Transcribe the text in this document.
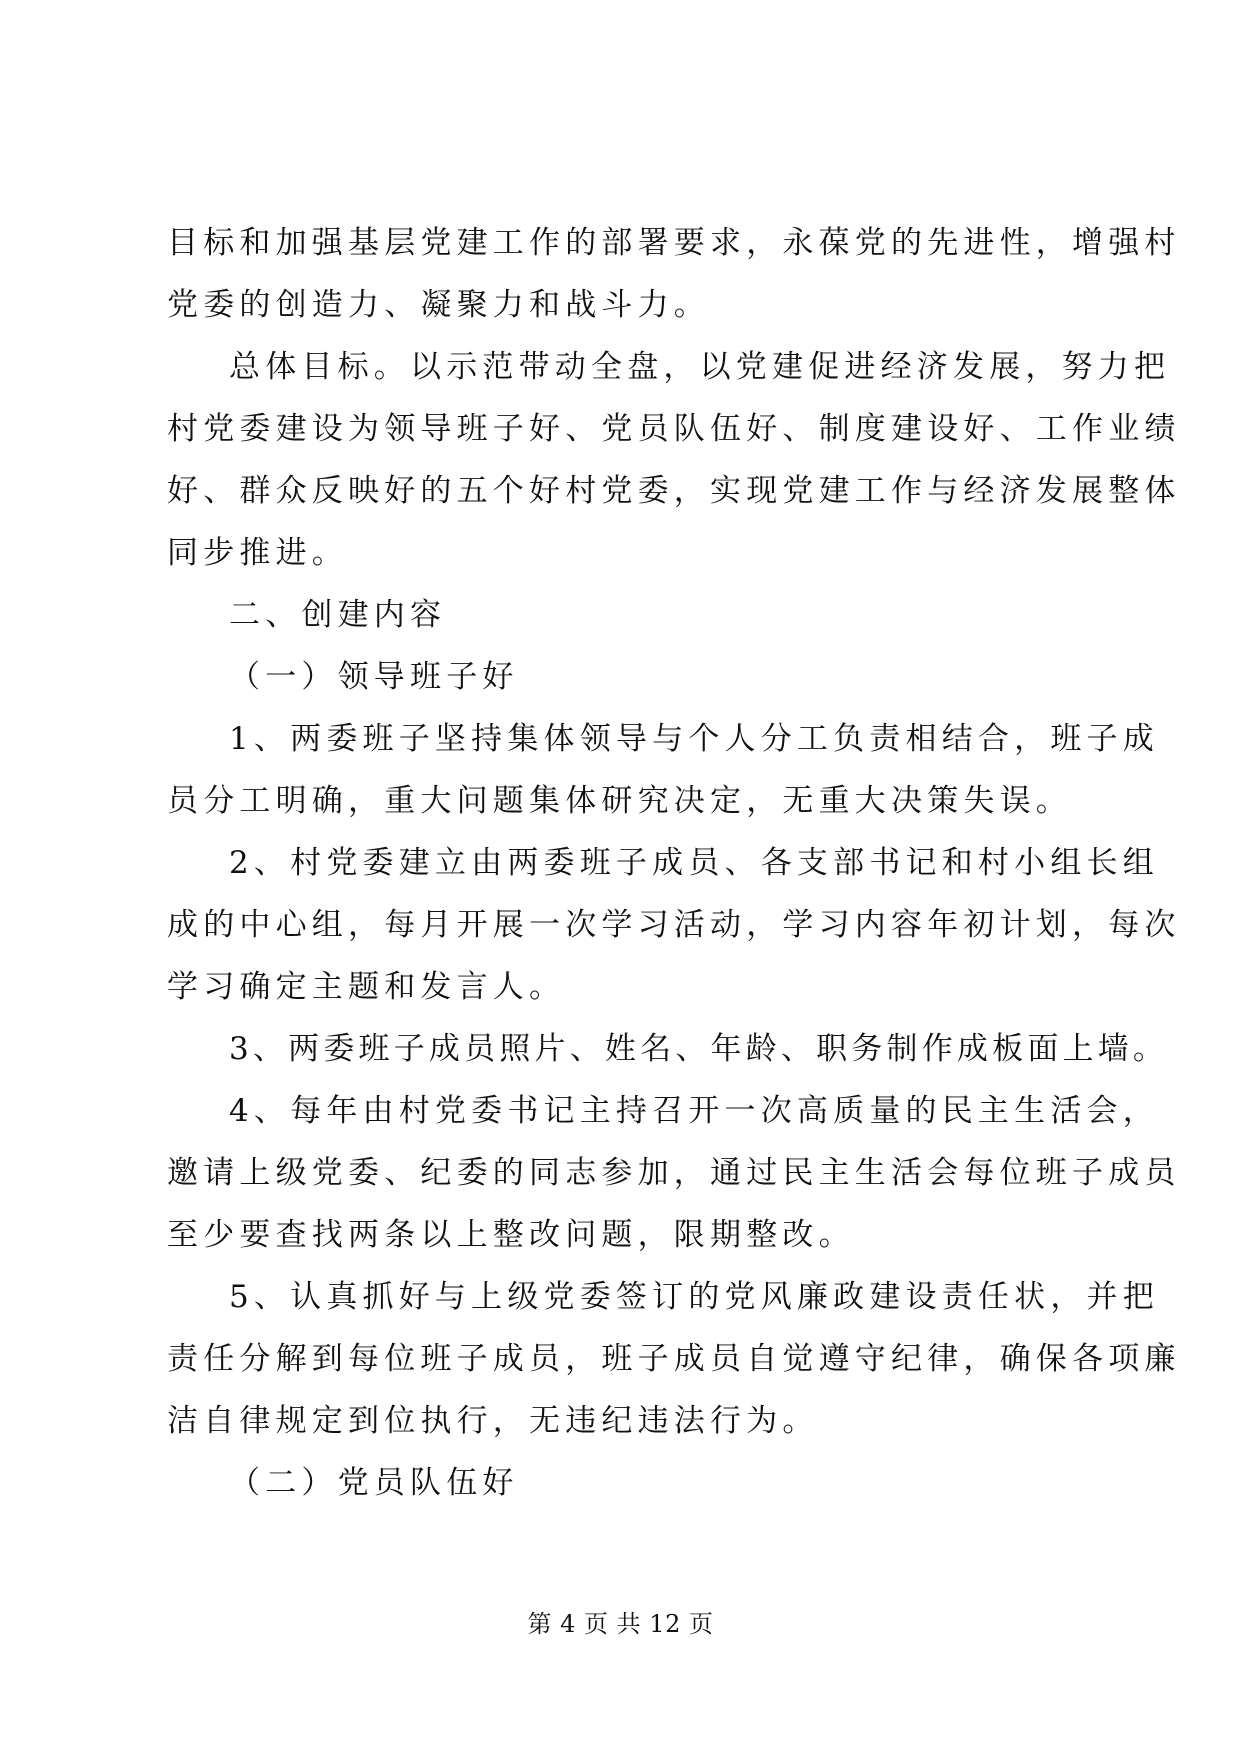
目标和加强基层党建工作的部署要求，永葆党的先进性，增强村
党委的创造力、凝聚力和战斗力。
总体目标。以示范带动全盘，以党建促进经济发展，努力把
村党委建设为领导班子好、党员队伍好、制度建设好、工作业绩
好、群众反映好的五个好村党委，实现党建工作与经济发展整体
同步推进。
二、创建内容
（一）领导班子好
1、两委班子坚持集体领导与个人分工负责相结合，班子成
员分工明确，重大问题集体研究决定，无重大决策失误。
2、村党委建立由两委班子成员、各支部书记和村小组长组
成的中心组，每月开展一次学习活动，学习内容年初计划，每次
学习确定主题和发言人。
3、两委班子成员照片、姓名、年龄、职务制作成板面上墙。
4、每年由村党委书记主持召开一次高质量的民主生活会，
邀请上级党委、纪委的同志参加，通过民主生活会每位班子成员
至少要查找两条以上整改问题，限期整改。
5、认真抓好与上级党委签订的党风廉政建设责任状，并把
责任分解到每位班子成员，班子成员自觉遵守纪律，确保各项廉
洁自律规定到位执行，无违纪违法行为。
（二）党员队伍好
第 4 页 共 12 页
